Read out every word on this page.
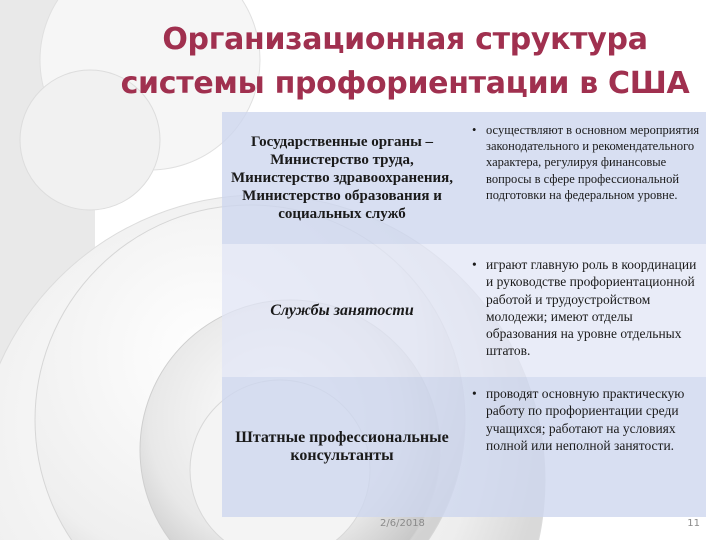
Организационная структура системы профориентации в США
Государственные органы – Министерство труда, Министерство здравоохранения, Министерство образования и социальных служб
• осуществляют в основном мероприятия законодательного и рекомендательного характера, регулируя финансовые вопросы в сфере профессиональной подготовки на федеральном уровне.
Службы занятости
• играют главную роль в координации и руководстве профориентационной работой и трудоустройством молодежи; имеют отделы образования на уровне отдельных штатов.
Штатные профессиональные консультанты
• проводят основную практическую работу по профориентации среди учащихся; работают на условиях полной или неполной занятости.
2/6/2018	11
